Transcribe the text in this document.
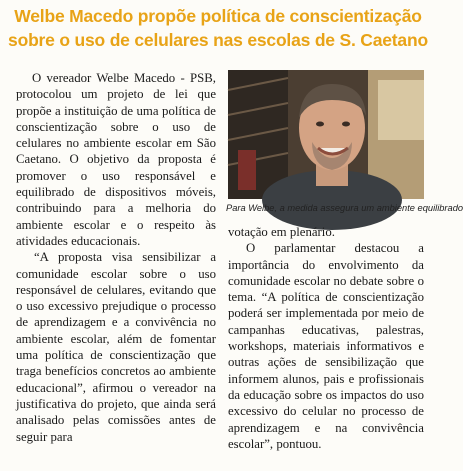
Welbe Macedo propõe política de conscientização
sobre o uso de celulares nas escolas de S. Caetano

O vereador Welbe Macedo - PSB, protocolou um projeto de lei que propõe a instituição de uma política de conscientização sobre o uso de celulares no ambiente escolar em São Caetano. O objetivo da proposta é promover o uso responsável e equilibrado de dispositivos móveis, contribuindo para a melhoria do ambiente escolar e o respeito às atividades educacionais.

“A proposta visa sensibilizar a comunidade escolar sobre o uso responsável de celulares, evitando que o uso excessivo prejudique o processo de aprendizagem e a convivência no ambiente escolar, além de fomentar uma política de conscientização que traga benefícios concretos ao ambiente educacional”, afirmou o vereador na justificativa do projeto, que ainda será analisado pelas comissões antes de seguir para

Para Welbe, a medida assegura um ambiente equilibrado

votação em plenário.

O parlamentar destacou a importância do envolvimento da comunidade escolar no debate sobre o tema. “A política de conscientização poderá ser implementada por meio de campanhas educativas, palestras, workshops, materiais informativos e outras ações de sensibilização que informem alunos, pais e profissionais da educação sobre os impactos do uso excessivo do celular no processo de aprendizagem e na convivência escolar”, pontuou.
